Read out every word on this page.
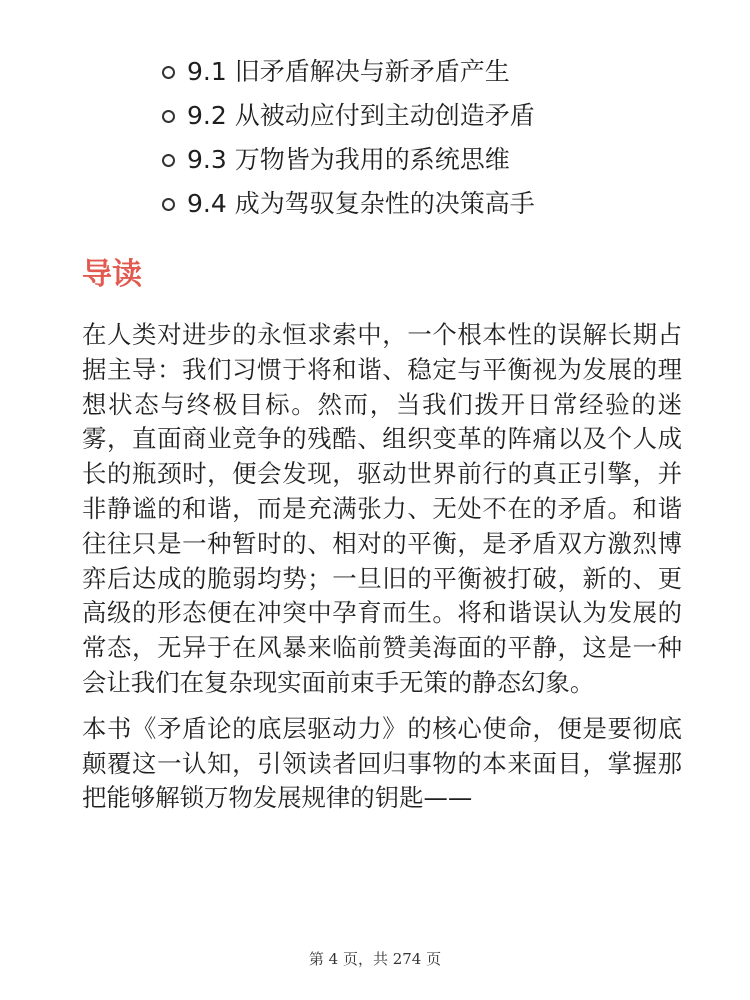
9.1 旧矛盾解决与新矛盾产生
9.2 从被动应付到主动创造矛盾
9.3 万物皆为我用的系统思维
9.4 成为驾驭复杂性的决策高手
导读

在人类对进步的永恒求索中，一个根本性的误解长期占据主导：我们习惯于将和谐、稳定与平衡视为发展的理想状态与终极目标。然而，当我们拨开日常经验的迷雾，直面商业竞争的残酷、组织变革的阵痛以及个人成长的瓶颈时，便会发现，驱动世界前行的真正引擎，并非静谧的和谐，而是充满张力、无处不在的矛盾。和谐往往只是一种暂时的、相对的平衡，是矛盾双方激烈博弈后达成的脆弱均势；一旦旧的平衡被打破，新的、更高级的形态便在冲突中孕育而生。将和谐误认为发展的常态，无异于在风暴来临前赞美海面的平静，这是一种会让我们在复杂现实面前束手无策的静态幻象。

本书《矛盾论的底层驱动力》的核心使命，便是要彻底颠覆这一认知，引领读者回归事物的本来面目，掌握那把能够解锁万物发展规律的钥匙——

第 4 页，共 274 页
